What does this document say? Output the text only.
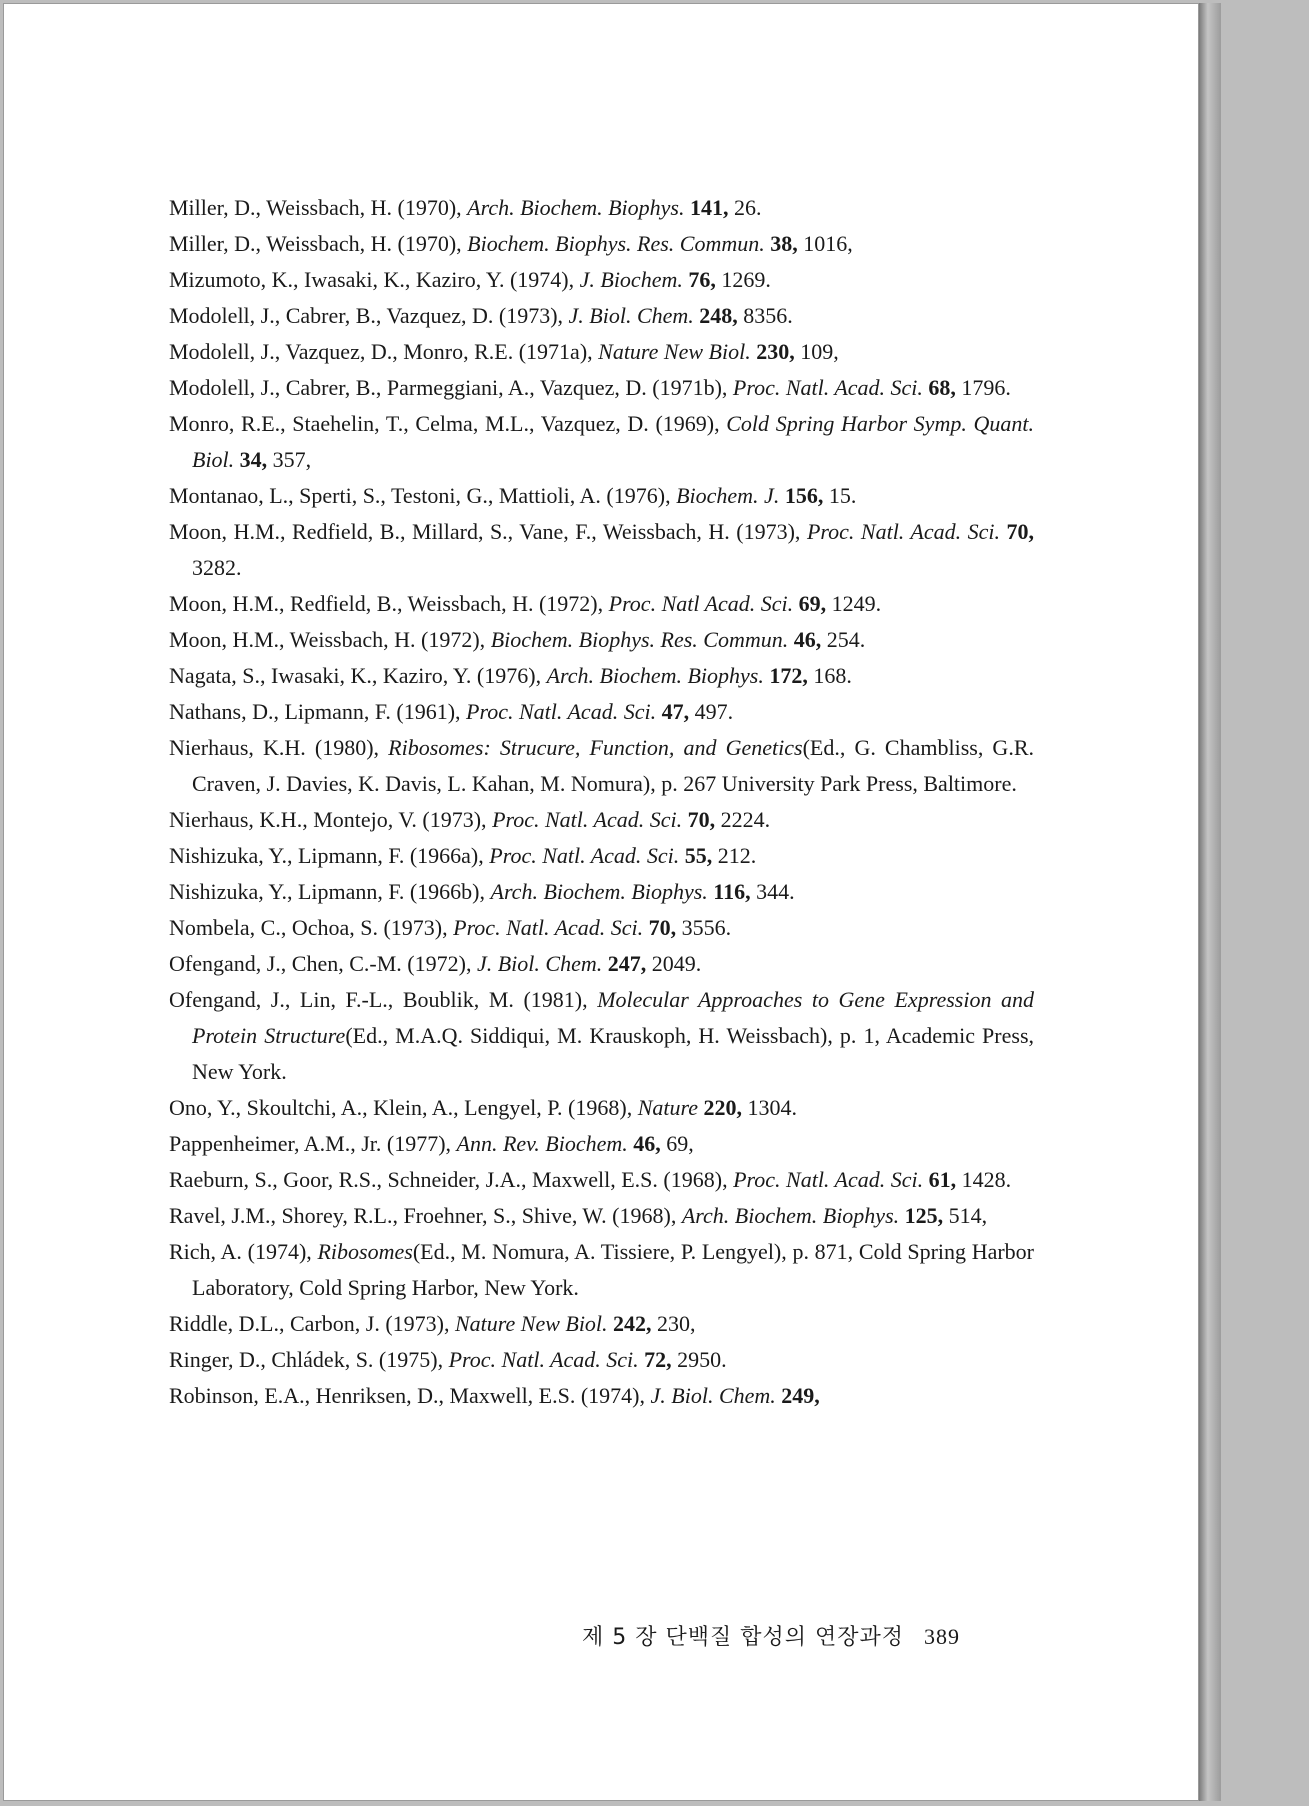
Miller, D., Weissbach, H. (1970), Arch. Biochem. Biophys. 141, 26.
Miller, D., Weissbach, H. (1970), Biochem. Biophys. Res. Commun. 38, 1016,
Mizumoto, K., Iwasaki, K., Kaziro, Y. (1974), J. Biochem. 76, 1269.
Modolell, J., Cabrer, B., Vazquez, D. (1973), J. Biol. Chem. 248, 8356.
Modolell, J., Vazquez, D., Monro, R.E. (1971a), Nature New Biol. 230, 109,
Modolell, J., Cabrer, B., Parmeggiani, A., Vazquez, D. (1971b), Proc. Natl. Acad. Sci. 68, 1796.
Monro, R.E., Staehelin, T., Celma, M.L., Vazquez, D. (1969), Cold Spring Harbor Symp. Quant. Biol. 34, 357,
Montanao, L., Sperti, S., Testoni, G., Mattioli, A. (1976), Biochem. J. 156, 15.
Moon, H.M., Redfield, B., Millard, S., Vane, F., Weissbach, H. (1973), Proc. Natl. Acad. Sci. 70, 3282.
Moon, H.M., Redfield, B., Weissbach, H. (1972), Proc. Natl Acad. Sci. 69, 1249.
Moon, H.M., Weissbach, H. (1972), Biochem. Biophys. Res. Commun. 46, 254.
Nagata, S., Iwasaki, K., Kaziro, Y. (1976), Arch. Biochem. Biophys. 172, 168.
Nathans, D., Lipmann, F. (1961), Proc. Natl. Acad. Sci. 47, 497.
Nierhaus, K.H. (1980), Ribosomes: Strucure, Function, and Genetics(Ed., G. Chambliss, G.R. Craven, J. Davies, K. Davis, L. Kahan, M. Nomura), p. 267 University Park Press, Baltimore.
Nierhaus, K.H., Montejo, V. (1973), Proc. Natl. Acad. Sci. 70, 2224.
Nishizuka, Y., Lipmann, F. (1966a), Proc. Natl. Acad. Sci. 55, 212.
Nishizuka, Y., Lipmann, F. (1966b), Arch. Biochem. Biophys. 116, 344.
Nombela, C., Ochoa, S. (1973), Proc. Natl. Acad. Sci. 70, 3556.
Ofengand, J., Chen, C.-M. (1972), J. Biol. Chem. 247, 2049.
Ofengand, J., Lin, F.-L., Boublik, M. (1981), Molecular Approaches to Gene Expression and Protein Structure(Ed., M.A.Q. Siddiqui, M. Krauskoph, H. Weissbach), p. 1, Academic Press, New York.
Ono, Y., Skoultchi, A., Klein, A., Lengyel, P. (1968), Nature 220, 1304.
Pappenheimer, A.M., Jr. (1977), Ann. Rev. Biochem. 46, 69,
Raeburn, S., Goor, R.S., Schneider, J.A., Maxwell, E.S. (1968), Proc. Natl. Acad. Sci. 61, 1428.
Ravel, J.M., Shorey, R.L., Froehner, S., Shive, W. (1968), Arch. Biochem. Biophys. 125, 514,
Rich, A. (1974), Ribosomes(Ed., M. Nomura, A. Tissiere, P. Lengyel), p. 871, Cold Spring Harbor Laboratory, Cold Spring Harbor, New York.
Riddle, D.L., Carbon, J. (1973), Nature New Biol. 242, 230,
Ringer, D., Chládek, S. (1975), Proc. Natl. Acad. Sci. 72, 2950.
Robinson, E.A., Henriksen, D., Maxwell, E.S. (1974), J. Biol. Chem. 249,
제 5 장 단백질 합성의 연장과정 389
